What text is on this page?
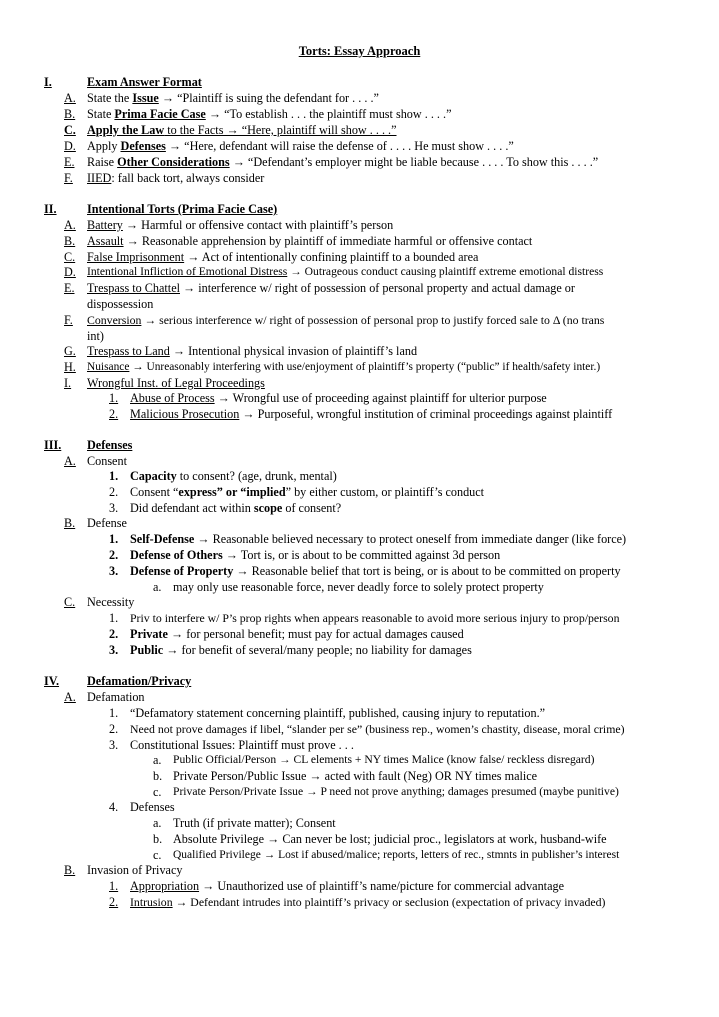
Torts: Essay Approach
I.	Exam Answer Format
A. State the Issue → “Plaintiff is suing the defendant for . . . .”
B. State Prima Facie Case → “To establish . . . the plaintiff must show . . . .”
C. Apply the Law to the Facts → “Here, plaintiff will show . . . .”
D. Apply Defenses → “Here, defendant will raise the defense of . . . . He must show . . . .”
E. Raise Other Considerations → “Defendant’s employer might be liable because . . . . To show this . . . .”
F. IIED: fall back tort, always consider
II. Intentional Torts (Prima Facie Case)
A. Battery → Harmful or offensive contact with plaintiff’s person
B. Assault → Reasonable apprehension by plaintiff of immediate harmful or offensive contact
C. False Imprisonment → Act of intentionally confining plaintiff to a bounded area
D. Intentional Infliction of Emotional Distress → Outrageous conduct causing plaintiff extreme emotional distress
E. Trespass to Chattel → interference w/ right of possession of personal property and actual damage or
dispossession
F. Conversion → serious interference w/ right of possession of personal prop to justify forced sale to Δ (no trans
int)
G. Trespass to Land → Intentional physical invasion of plaintiff’s land
H. Nuisance → Unreasonably interfering with use/enjoyment of plaintiff’s property (“public” if health/safety inter.)
I. Wrongful Inst. of Legal Proceedings
1. Abuse of Process → Wrongful use of proceeding against plaintiff for ulterior purpose
2. Malicious Prosecution → Purposeful, wrongful institution of criminal proceedings against plaintiff
III. Defenses
A. Consent
1. Capacity to consent? (age, drunk, mental)
2. Consent “express” or “implied” by either custom, or plaintiff’s conduct
3. Did defendant act within scope of consent?
B. Defense
1. Self-Defense → Reasonable believed necessary to protect oneself from immediate danger (like force)
2. Defense of Others → Tort is, or is about to be committed against 3d person
3. Defense of Property → Reasonable belief that tort is being, or is about to be committed on property
a. may only use reasonable force, never deadly force to solely protect property
C. Necessity
1. Priv to interfere w/ P’s prop rights when appears reasonable to avoid more serious injury to prop/person
2. Private → for personal benefit; must pay for actual damages caused
3. Public → for benefit of several/many people; no liability for damages
IV. Defamation/Privacy
A. Defamation
1. “Defamatory statement concerning plaintiff, published, causing injury to reputation.”
2. Need not prove damages if libel, “slander per se” (business rep., women’s chastity, disease, moral crime)
3. Constitutional Issues: Plaintiff must prove . . .
a. Public Official/Person → CL elements + NY times Malice (know false/ reckless disregard)
b. Private Person/Public Issue → acted with fault (Neg) OR NY times malice
c. Private Person/Private Issue → P need not prove anything; damages presumed (maybe punitive)
4. Defenses
a. Truth (if private matter); Consent
b. Absolute Privilege → Can never be lost; judicial proc., legislators at work, husband-wife
c. Qualified Privilege → Lost if abused/malice; reports, letters of rec., stmnts in publisher’s interest
B. Invasion of Privacy
1. Appropriation → Unauthorized use of plaintiff’s name/picture for commercial advantage
2. Intrusion → Defendant intrudes into plaintiff’s privacy or seclusion (expectation of privacy invaded)
